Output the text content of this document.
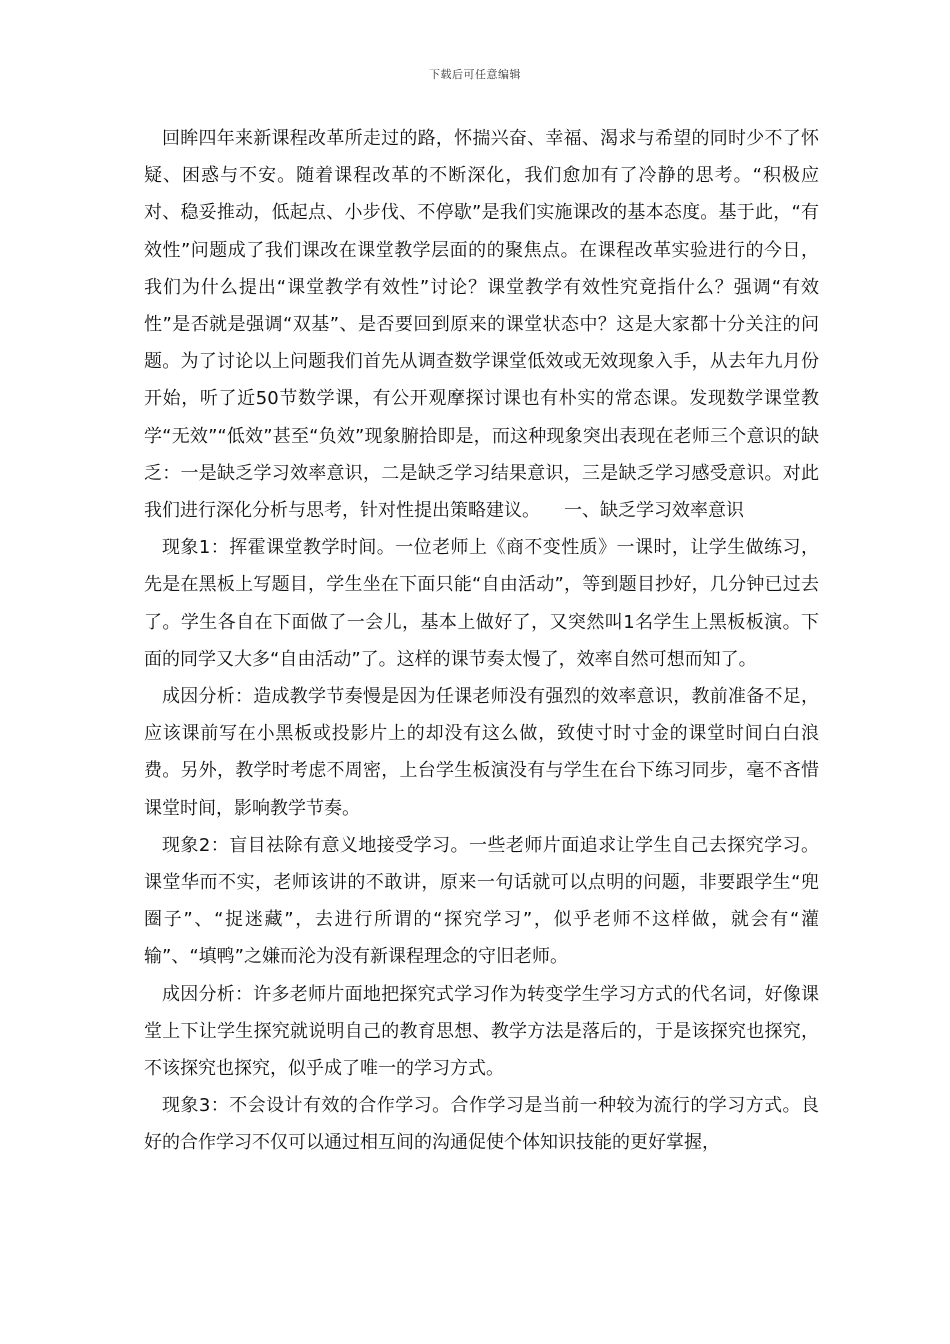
下载后可任意编辑

回眸四年来新课程改革所走过的路，怀揣兴奋、幸福、渴求与希望的同时少不了怀疑、困惑与不安。随着课程改革的不断深化，我们愈加有了冷静的思考。“积极应对、稳妥推动，低起点、小步伐、不停歇”是我们实施课改的基本态度。基于此，“有效性”问题成了我们课改在课堂教学层面的的聚焦点。在课程改革实验进行的今日，我们为什么提出“课堂教学有效性”讨论？课堂教学有效性究竟指什么？强调“有效性”是否就是强调“双基”、是否要回到原来的课堂状态中？这是大家都十分关注的问题。为了讨论以上问题我们首先从调查数学课堂低效或无效现象入手，从去年九月份开始，听了近50节数学课，有公开观摩探讨课也有朴实的常态课。发现数学课堂教学“无效”“低效”甚至“负效”现象腑拾即是，而这种现象突出表现在老师三个意识的缺乏：一是缺乏学习效率意识，二是缺乏学习结果意识，三是缺乏学习感受意识。对此我们进行深化分析与思考，针对性提出策略建议。 一、缺乏学习效率意识

现象1：挥霍课堂教学时间。一位老师上《商不变性质》一课时，让学生做练习，先是在黑板上写题目，学生坐在下面只能“自由活动”，等到题目抄好，几分钟已过去了。学生各自在下面做了一会儿，基本上做好了，又突然叫1名学生上黑板板演。下面的同学又大多“自由活动”了。这样的课节奏太慢了，效率自然可想而知了。

成因分析：造成教学节奏慢是因为任课老师没有强烈的效率意识，教前准备不足，应该课前写在小黑板或投影片上的却没有这么做，致使寸时寸金的课堂时间白白浪费。另外，教学时考虑不周密，上台学生板演没有与学生在台下练习同步，毫不吝惜课堂时间，影响教学节奏。

现象2：盲目祛除有意义地接受学习。一些老师片面追求让学生自己去探究学习。课堂华而不实，老师该讲的不敢讲，原来一句话就可以点明的问题，非要跟学生“兜圈子”、“捉迷藏”，去进行所谓的“探究学习”，似乎老师不这样做，就会有“灌输”、“填鸭”之嫌而沦为没有新课程理念的守旧老师。

成因分析：许多老师片面地把探究式学习作为转变学生学习方式的代名词，好像课堂上下让学生探究就说明自己的教育思想、教学方法是落后的，于是该探究也探究，不该探究也探究，似乎成了唯一的学习方式。

现象3：不会设计有效的合作学习。合作学习是当前一种较为流行的学习方式。良好的合作学习不仅可以通过相互间的沟通促使个体知识技能的更好掌握，
